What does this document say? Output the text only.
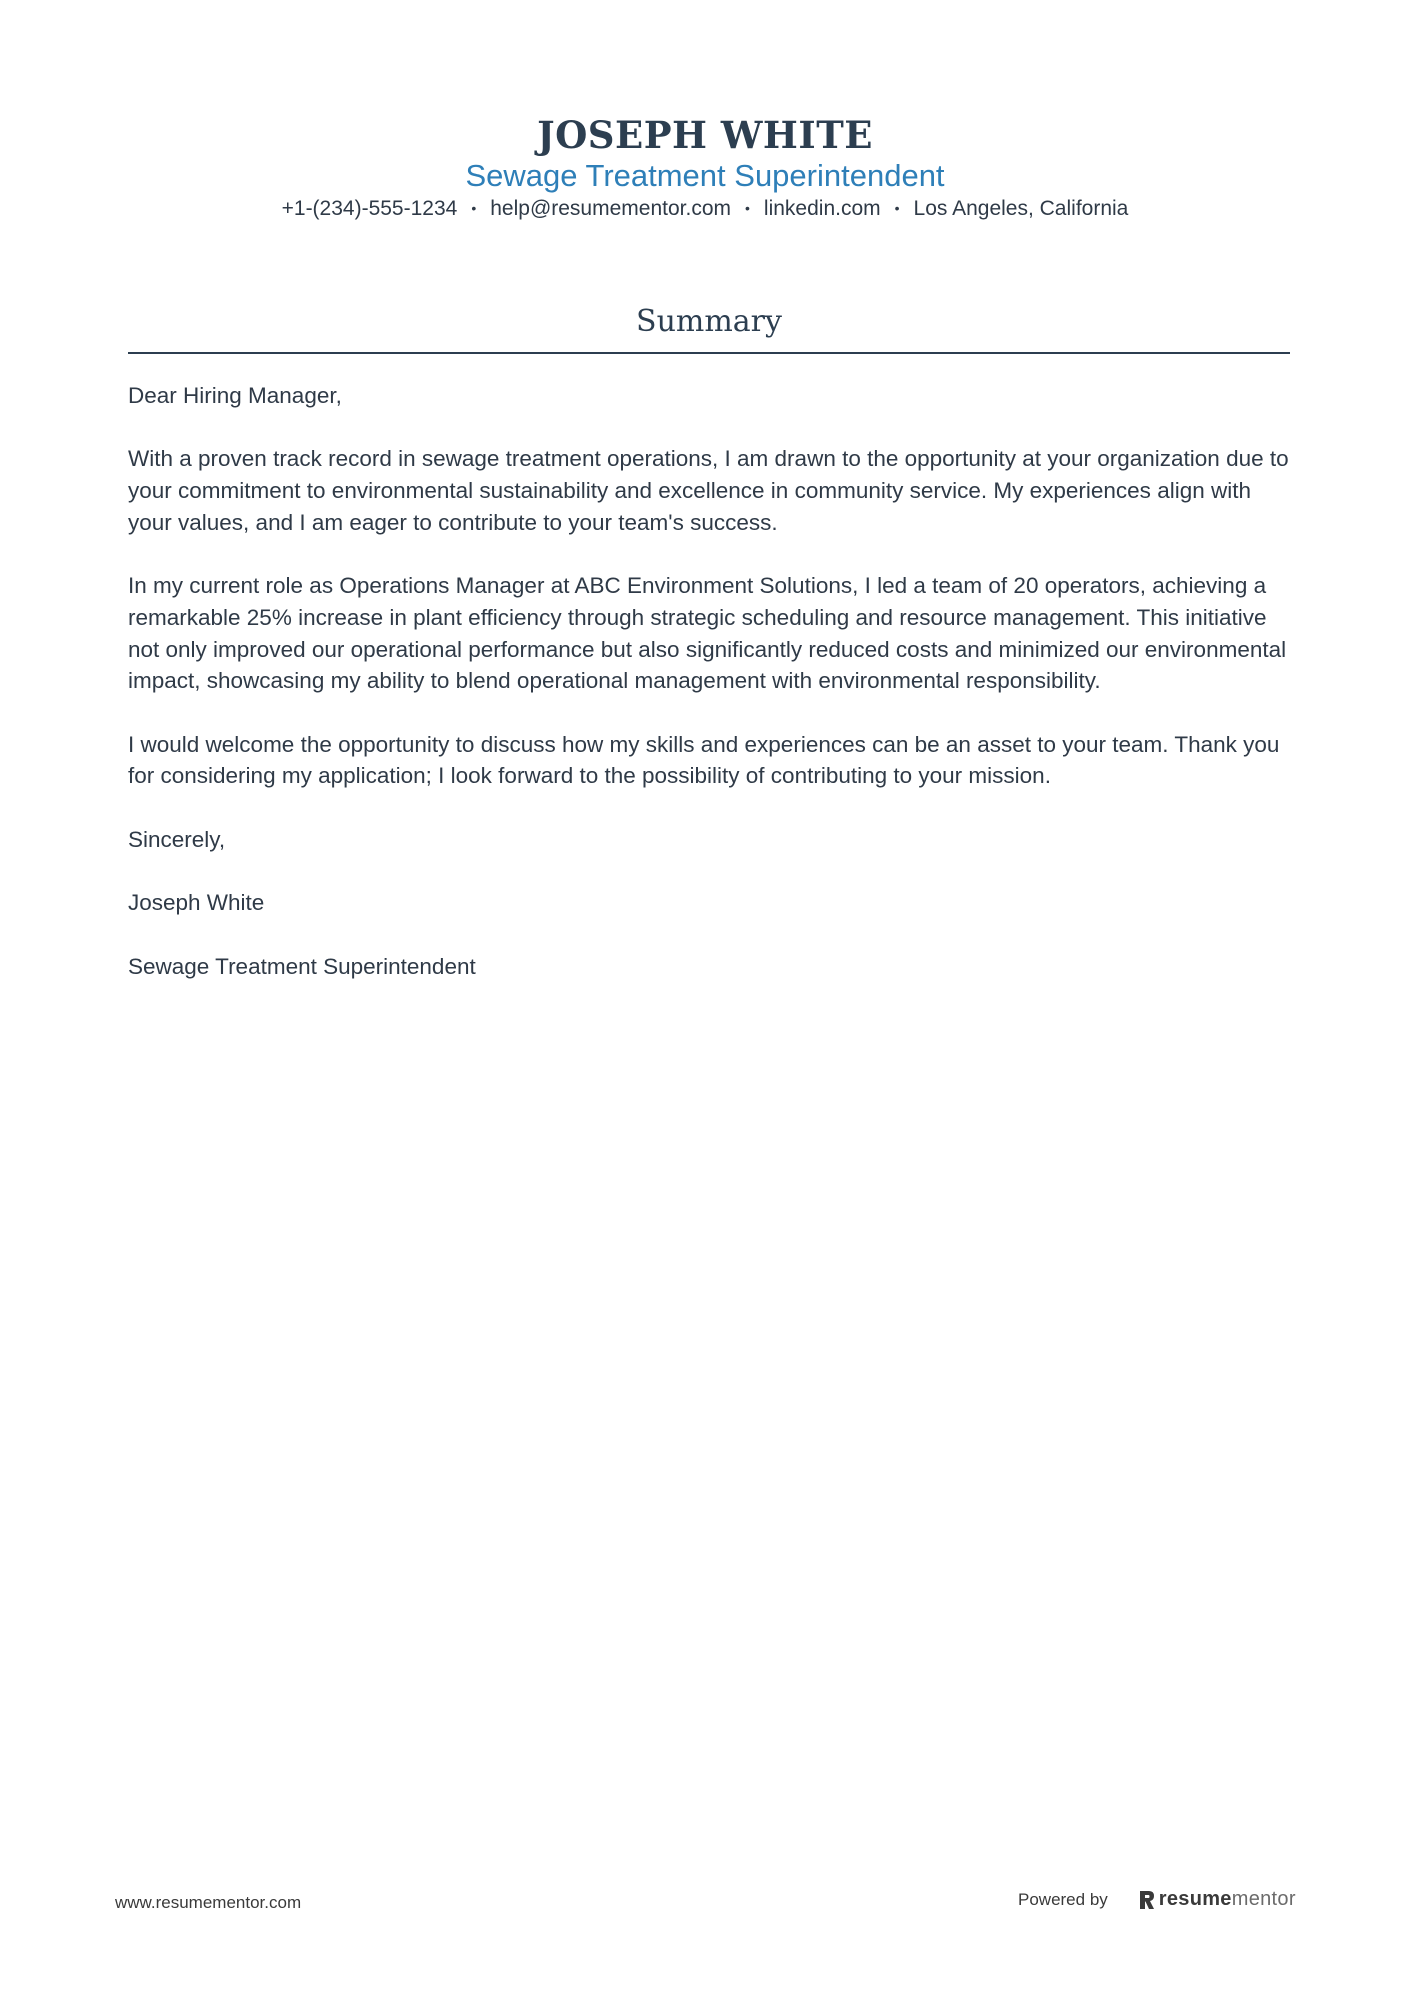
JOSEPH WHITE
Sewage Treatment Superintendent
+1-(234)-555-1234 • help@resumementor.com • linkedin.com • Los Angeles, California
Summary

Dear Hiring Manager,

With a proven track record in sewage treatment operations, I am drawn to the opportunity at your organization due to your commitment to environmental sustainability and excellence in community service. My experiences align with your values, and I am eager to contribute to your team's success.

In my current role as Operations Manager at ABC Environment Solutions, I led a team of 20 operators, achieving a remarkable 25% increase in plant efficiency through strategic scheduling and resource management. This initiative not only improved our operational performance but also significantly reduced costs and minimized our environmental impact, showcasing my ability to blend operational management with environmental responsibility.

I would welcome the opportunity to discuss how my skills and experiences can be an asset to your team. Thank you for considering my application; I look forward to the possibility of contributing to your mission.

Sincerely,

Joseph White

Sewage Treatment Superintendent

www.resumementor.com	Powered by	resume mentor
